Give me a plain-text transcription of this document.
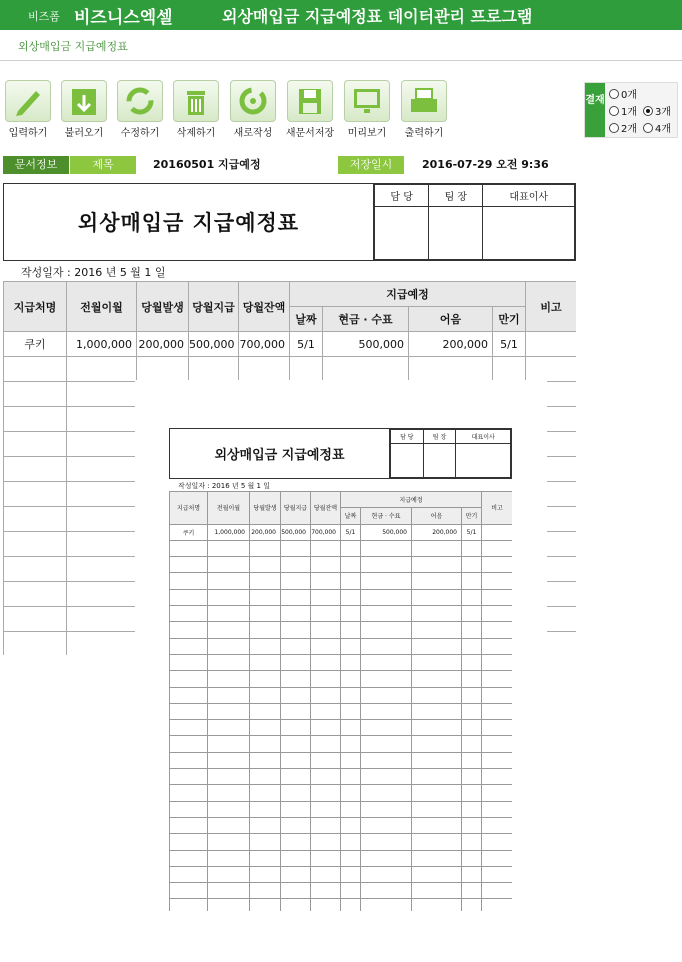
비즈폼 비즈니스엑셀	외상매입금 지급예정표 데이터관리 프로그램
외상매입금 지급예정표
입력하기	불러오기	수정하기	삭제하기	새로작성	새문서저장	미리보기	출력하기
결재	0개
1개	3개
2개	4개
문서정보	제목	20160501 지급예정	저장일시	2016-07-29 오전 9:36
외상매입금 지급예정표
담 당	팀 장	대표이사

작성일자 : 2016 년 5 월 1 일
지급처명	전월이월	당월발생	당월지급	당월잔액	지급예정				비고
					날짜	현금 · 수표	어음	만기	
쿠키	1,000,000	200,000	500,000	700,000	5/1	500,000	200,000	5/1	

외상매입금 지급예정표
담 당	팀 장	대표이사

작성일자 : 2016 년 5 월 1 일
지급처명	전월이월	당월발생	당월지급	당월잔액	지급예정				비고
					날짜	현금 · 수표	어음	만기	
쿠키	1,000,000	200,000	500,000	700,000	5/1	500,000	200,000	5/1	
